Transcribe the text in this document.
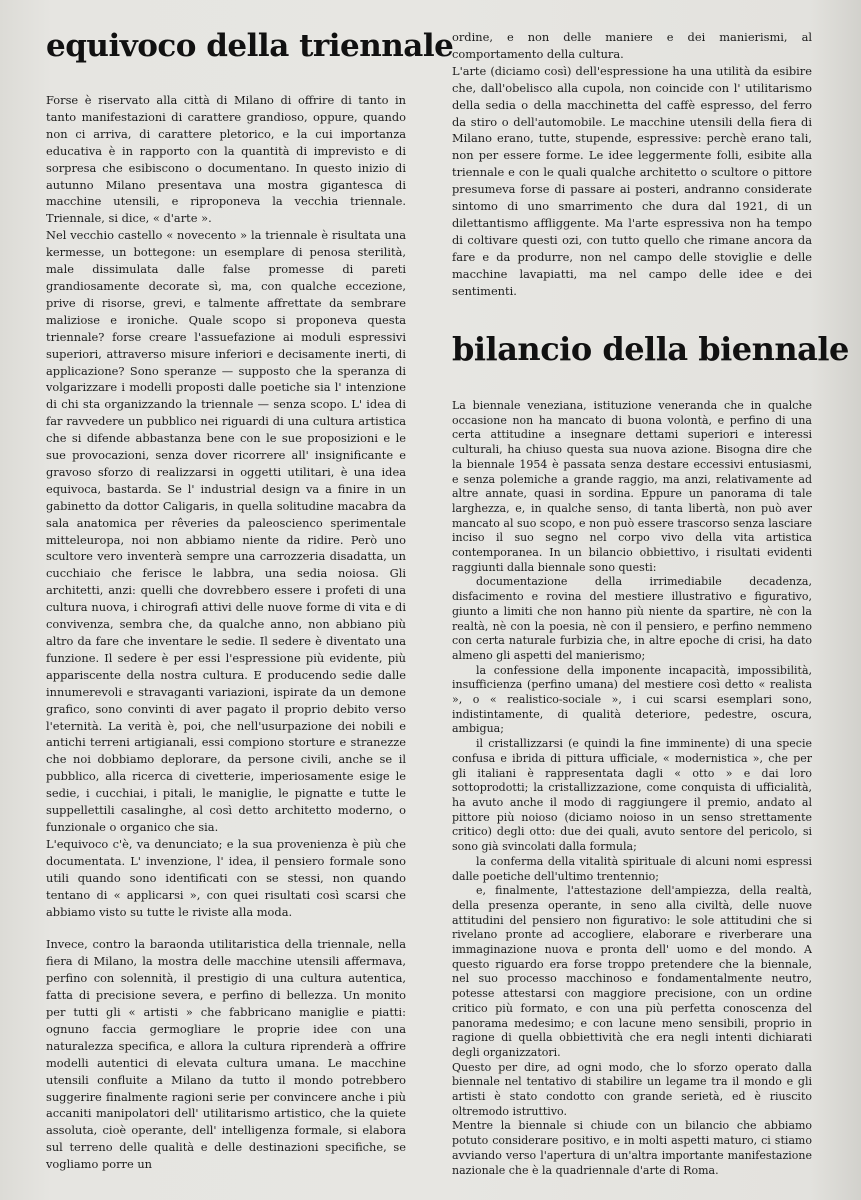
equivoco della triennale

Forse è riservato alla città di Milano di offrire di tanto in tanto manifestazioni di carattere grandioso, oppure, quando non ci arriva, di carattere pletorico, e la cui importanza educativa è in rapporto con la quantità di imprevisto e di sorpresa che esibiscono o documentano. In questo inizio di autunno Milano presentava una mostra gigantesca di macchine utensili, e riproponeva la vecchia triennale. Triennale, si dice, « d'arte ».

Nel vecchio castello « novecento » la triennale è risultata una kermesse, un bottegone: un esemplare di penosa sterilità, male dissimulata dalle false promesse di pareti grandiosamente decorate sì, ma, con qualche eccezione, prive di risorse, grevi, e talmente affrettate da sembrare maliziose e ironiche. Quale scopo si proponeva questa triennale? forse creare l'assuefazione ai moduli espressivi superiori, attraverso misure inferiori e decisamente inerti, di applicazione? Sono speranze — supposto che la speranza di volgarizzare i modelli proposti dalle poetiche sia l' intenzione di chi sta organizzando la triennale — senza scopo. L' idea di far ravvedere un pubblico nei riguardi di una cultura artistica che si difende abbastanza bene con le sue proposizioni e le sue provocazioni, senza dover ricorrere all' insignificante e gravoso sforzo di realizzarsi in oggetti utilitari, è una idea equivoca, bastarda. Se l' industrial design va a finire in un gabinetto da dottor Caligaris, in quella solitudine macabra da sala anatomica per rêveries da paleoscienco sperimentale mitteleuropa, noi non abbiamo niente da ridire. Però uno scultore vero inventerà sempre una carrozzeria disadatta, un cucchiaio che ferisce le labbra, una sedia noiosa. Gli architetti, anzi: quelli che dovrebbero essere i profeti di una cultura nuova, i chirografi attivi delle nuove forme di vita e di convivenza, sembra che, da qualche anno, non abbiano più altro da fare che inventare le sedie. Il sedere è diventato una funzione. Il sedere è per essi l'espressione più evidente, più appariscente della nostra cultura. E producendo sedie dalle innumerevoli e stravaganti variazioni, ispirate da un demone grafico, sono convinti di aver pagato il proprio debito verso l'eternità. La verità è, poi, che nell'usurpazione dei nobili e antichi terreni artigianali, essi compiono storture e stranezze che noi dobbiamo deplorare, da persone civili, anche se il pubblico, alla ricerca di civetterie, imperiosamente esige le sedie, i cucchiai, i pitali, le maniglie, le pignatte e tutte le suppellettili casalinghe, al così detto architetto moderno, o funzionale o organico che sia.

L'equivoco c'è, va denunciato; e la sua provenienza è più che documentata. L' invenzione, l' idea, il pensiero formale sono utili quando sono identificati con se stessi, non quando tentano di « applicarsi », con quei risultati così scarsi che abbiamo visto su tutte le riviste alla moda.

Invece, contro la baraonda utilitaristica della triennale, nella fiera di Milano, la mostra delle macchine utensili affermava, perfino con solennità, il prestigio di una cultura autentica, fatta di precisione severa, e perfino di bellezza. Un monito per tutti gli « artisti » che fabbricano maniglie e piatti: ognuno faccia germogliare le proprie idee con una naturalezza specifica, e allora la cultura riprenderà a offrire modelli autentici di elevata cultura umana. Le macchine utensili confluite a Milano da tutto il mondo potrebbero suggerire finalmente ragioni serie per convincere anche i più accaniti manipolatori dell' utilitarismo artistico, che la quiete assoluta, cioè operante, dell' intelligenza formale, si elabora sul terreno delle qualità e delle destinazioni specifiche, se vogliamo porre un

ordine, e non delle maniere e dei manierismi, al comportamento della cultura.

L'arte (diciamo così) dell'espressione ha una utilità da esibire che, dall'obelisco alla cupola, non coincide con l' utilitarismo della sedia o della macchinetta del caffè espresso, del ferro da stiro o dell'automobile. Le macchine utensili della fiera di Milano erano, tutte, stupende, espressive: perchè erano tali, non per essere forme. Le idee leggermente folli, esibite alla triennale e con le quali qualche architetto o scultore o pittore presumeva forse di passare ai posteri, andranno considerate sintomo di uno smarrimento che dura dal 1921, di un dilettantismo affliggente. Ma l'arte espressiva non ha tempo di coltivare questi ozi, con tutto quello che rimane ancora da fare e da produrre, non nel campo delle stoviglie e delle macchine lavapiatti, ma nel campo delle idee e dei sentimenti.

bilancio della biennale

La biennale veneziana, istituzione veneranda che in qualche occasione non ha mancato di buona volontà, e perfino di una certa attitudine a insegnare dettami superiori e interessi culturali, ha chiuso questa sua nuova azione. Bisogna dire che la biennale 1954 è passata senza destare eccessivi entusiasmi, e senza polemiche a grande raggio, ma anzi, relativamente ad altre annate, quasi in sordina. Eppure un panorama di tale larghezza, e, in qualche senso, di tanta libertà, non può aver mancato al suo scopo, e non può essere trascorso senza lasciare inciso il suo segno nel corpo vivo della vita artistica contemporanea. In un bilancio obbiettivo, i risultati evidenti raggiunti dalla biennale sono questi:

documentazione della irrimediabile decadenza, disfacimento e rovina del mestiere illustrativo e figurativo, giunto a limiti che non hanno più niente da spartire, nè con la realtà, nè con la poesia, nè con il pensiero, e perfino nemmeno con certa naturale furbizia che, in altre epoche di crisi, ha dato almeno gli aspetti del manierismo;

la confessione della imponente incapacità, impossibilità, insufficienza (perfino umana) del mestiere così detto « realista », o « realistico-sociale », i cui scarsi esemplari sono, indistintamente, di qualità deteriore, pedestre, oscura, ambigua;

il cristallizzarsi (e quindi la fine imminente) di una specie confusa e ibrida di pittura ufficiale, « modernistica », che per gli italiani è rappresentata dagli « otto » e dai loro sottoprodotti; la cristallizzazione, come conquista di ufficialità, ha avuto anche il modo di raggiungere il premio, andato al pittore più noioso (diciamo noioso in un senso strettamente critico) degli otto: due dei quali, avuto sentore del pericolo, si sono già svincolati dalla formula;

la conferma della vitalità spirituale di alcuni nomi espressi dalle poetiche dell'ultimo trentennio;

e, finalmente, l'attestazione dell'ampiezza, della realtà, della presenza operante, in seno alla civiltà, delle nuove attitudini del pensiero non figurativo: le sole attitudini che si rivelano pronte ad accogliere, elaborare e riverberare una immaginazione nuova e pronta dell' uomo e del mondo. A questo riguardo era forse troppo pretendere che la biennale, nel suo processo macchinoso e fondamentalmente neutro, potesse attestarsi con maggiore precisione, con un ordine critico più formato, e con una più perfetta conoscenza del panorama medesimo; e con lacune meno sensibili, proprio in ragione di quella obbiettività che era negli intenti dichiarati degli organizzatori.

Questo per dire, ad ogni modo, che lo sforzo operato dalla biennale nel tentativo di stabilire un legame tra il mondo e gli artisti è stato condotto con grande serietà, ed è riuscito oltremodo istruttivo.

Mentre la biennale si chiude con un bilancio che abbiamo potuto considerare positivo, e in molti aspetti maturo, ci stiamo avviando verso l'apertura di un'altra importante manifestazione nazionale che è la quadriennale d'arte di Roma.
